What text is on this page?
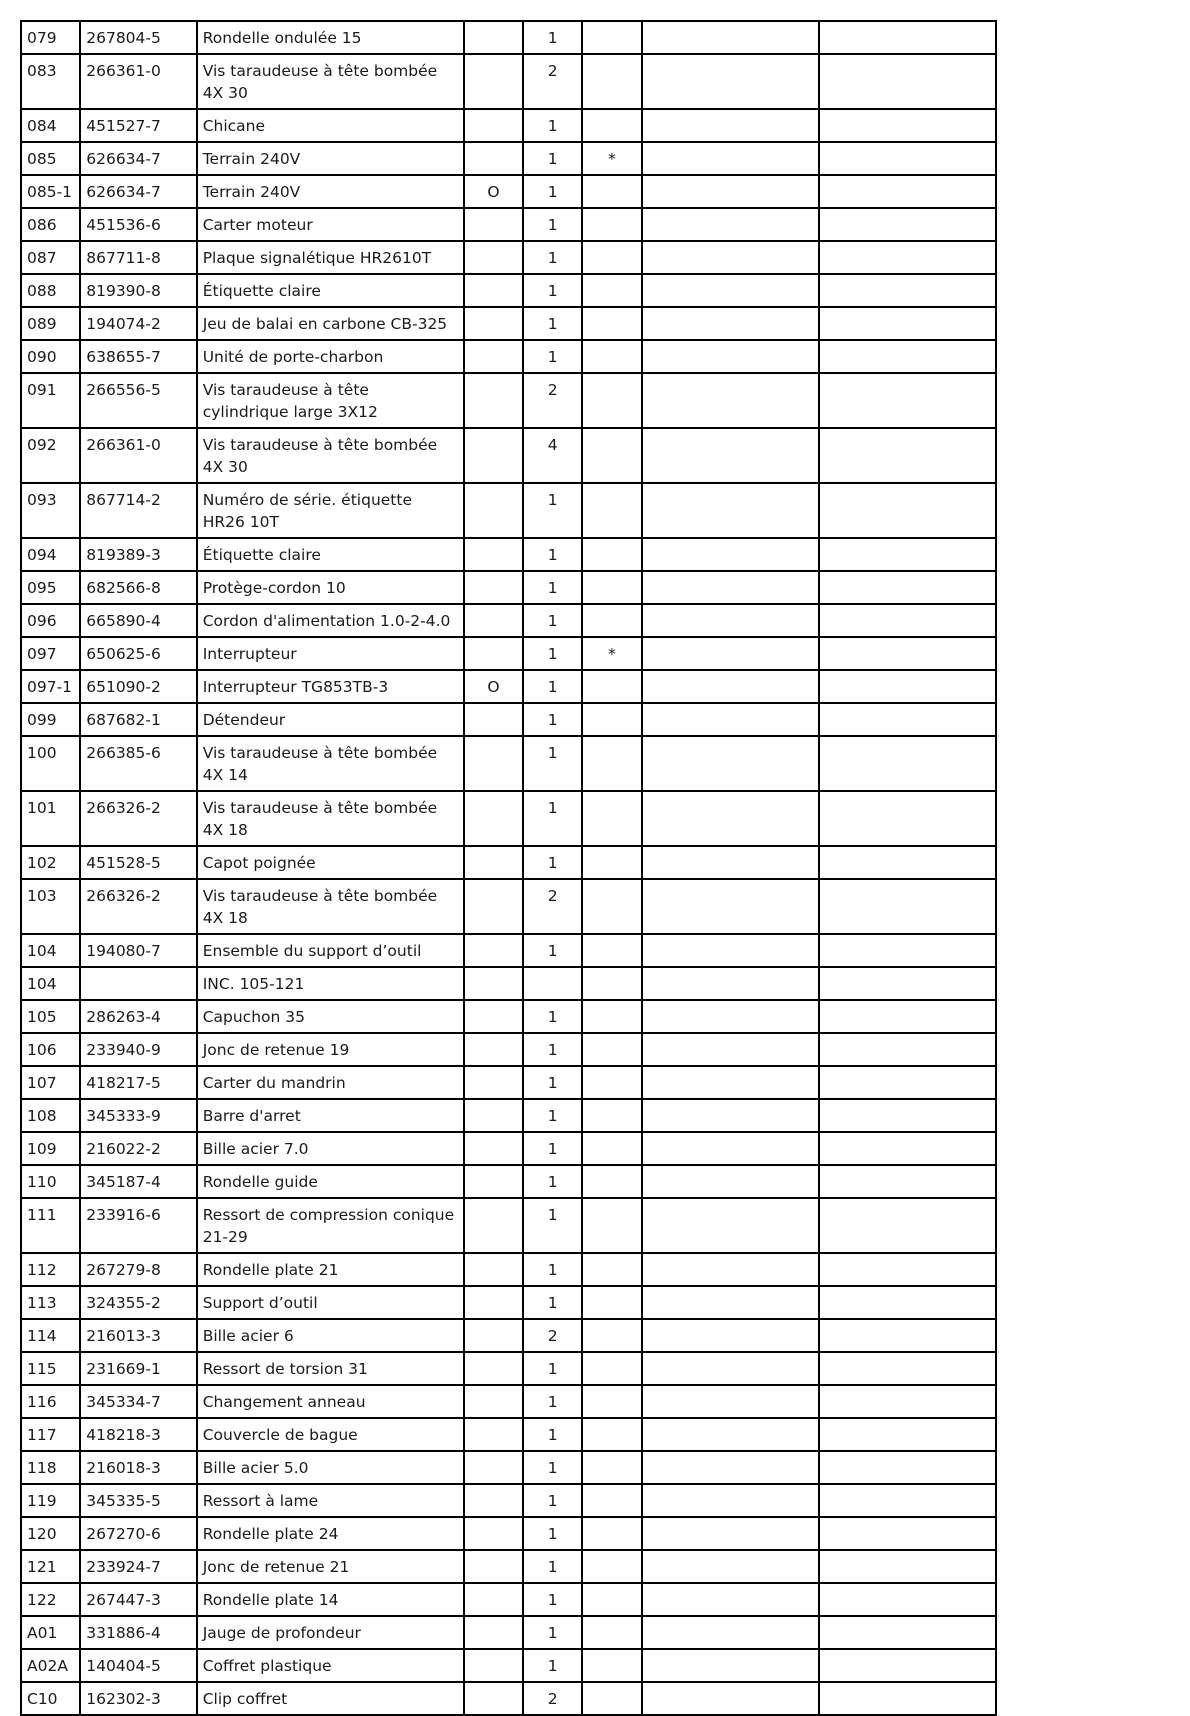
079	267804-5	Rondelle ondulée 15		1			
083	266361-0	Vis taraudeuse à tête bombée 4X 30		2			
084	451527-7	Chicane		1			
085	626634-7	Terrain 240V		1	*		
085-1	626634-7	Terrain 240V	O	1			
086	451536-6	Carter moteur		1			
087	867711-8	Plaque signalétique HR2610T		1			
088	819390-8	Étiquette claire		1			
089	194074-2	Jeu de balai en carbone CB-325		1			
090	638655-7	Unité de porte-charbon		1			
091	266556-5	Vis taraudeuse à tête cylindrique large 3X12		2			
092	266361-0	Vis taraudeuse à tête bombée 4X 30		4			
093	867714-2	Numéro de série. étiquette HR26 10T		1			
094	819389-3	Étiquette claire		1			
095	682566-8	Protège-cordon 10		1			
096	665890-4	Cordon d'alimentation 1.0-2-4.0		1			
097	650625-6	Interrupteur		1	*		
097-1	651090-2	Interrupteur TG853TB-3	O	1			
099	687682-1	Détendeur		1			
100	266385-6	Vis taraudeuse à tête bombée 4X 14		1			
101	266326-2	Vis taraudeuse à tête bombée 4X 18		1			
102	451528-5	Capot poignée		1			
103	266326-2	Vis taraudeuse à tête bombée 4X 18		2			
104	194080-7	Ensemble du support d’outil		1			
104		INC. 105-121					
105	286263-4	Capuchon 35		1			
106	233940-9	Jonc de retenue 19		1			
107	418217-5	Carter du mandrin		1			
108	345333-9	Barre d'arret		1			
109	216022-2	Bille acier 7.0		1			
110	345187-4	Rondelle guide		1			
111	233916-6	Ressort de compression conique 21-29		1			
112	267279-8	Rondelle plate 21		1			
113	324355-2	Support d’outil		1			
114	216013-3	Bille acier 6		2			
115	231669-1	Ressort de torsion 31		1			
116	345334-7	Changement anneau		1			
117	418218-3	Couvercle de bague		1			
118	216018-3	Bille acier 5.0		1			
119	345335-5	Ressort à lame		1			
120	267270-6	Rondelle plate 24		1			
121	233924-7	Jonc de retenue 21		1			
122	267447-3	Rondelle plate 14		1			
A01	331886-4	Jauge de profondeur		1			
A02A	140404-5	Coffret plastique		1			
C10	162302-3	Clip coffret		2			
